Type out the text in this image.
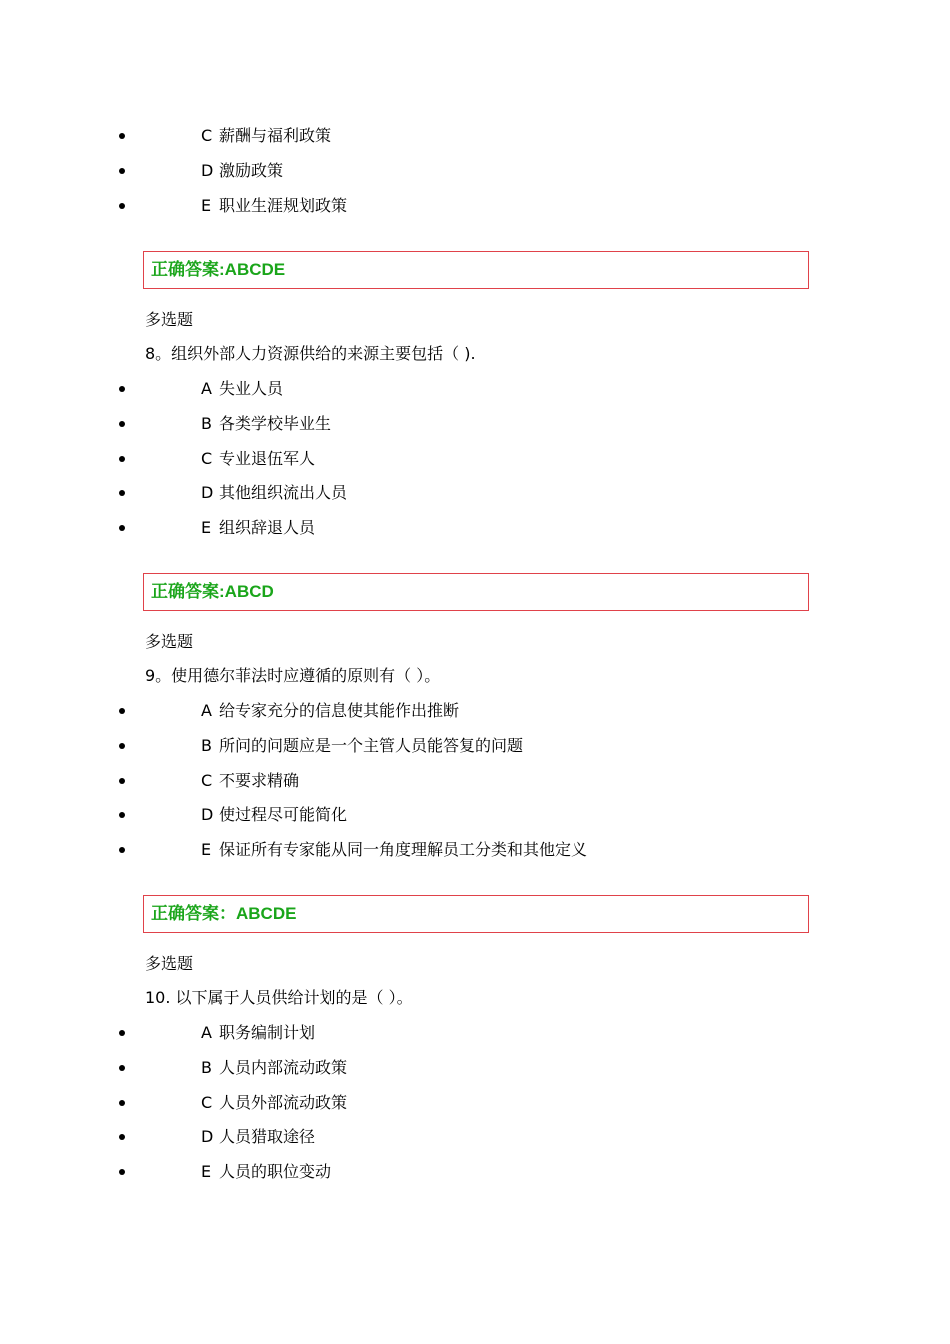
C 薪酬与福利政策
D 激励政策
E 职业生涯规划政策
正确答案:ABCDE
多选题
8。组织外部人力资源供给的来源主要包括（ ).
A 失业人员
B 各类学校毕业生
C 专业退伍军人
D 其他组织流出人员
E 组织辞退人员
正确答案:ABCD
多选题
9。使用德尔菲法时应遵循的原则有（ ）。
A 给专家充分的信息使其能作出推断
B 所问的问题应是一个主管人员能答复的问题
C 不要求精确
D 使过程尽可能简化
E 保证所有专家能从同一角度理解员工分类和其他定义
正确答案：ABCDE
多选题
10. 以下属于人员供给计划的是（ ）。
A 职务编制计划
B 人员内部流动政策
C 人员外部流动政策
D 人员猎取途径
E 人员的职位变动
